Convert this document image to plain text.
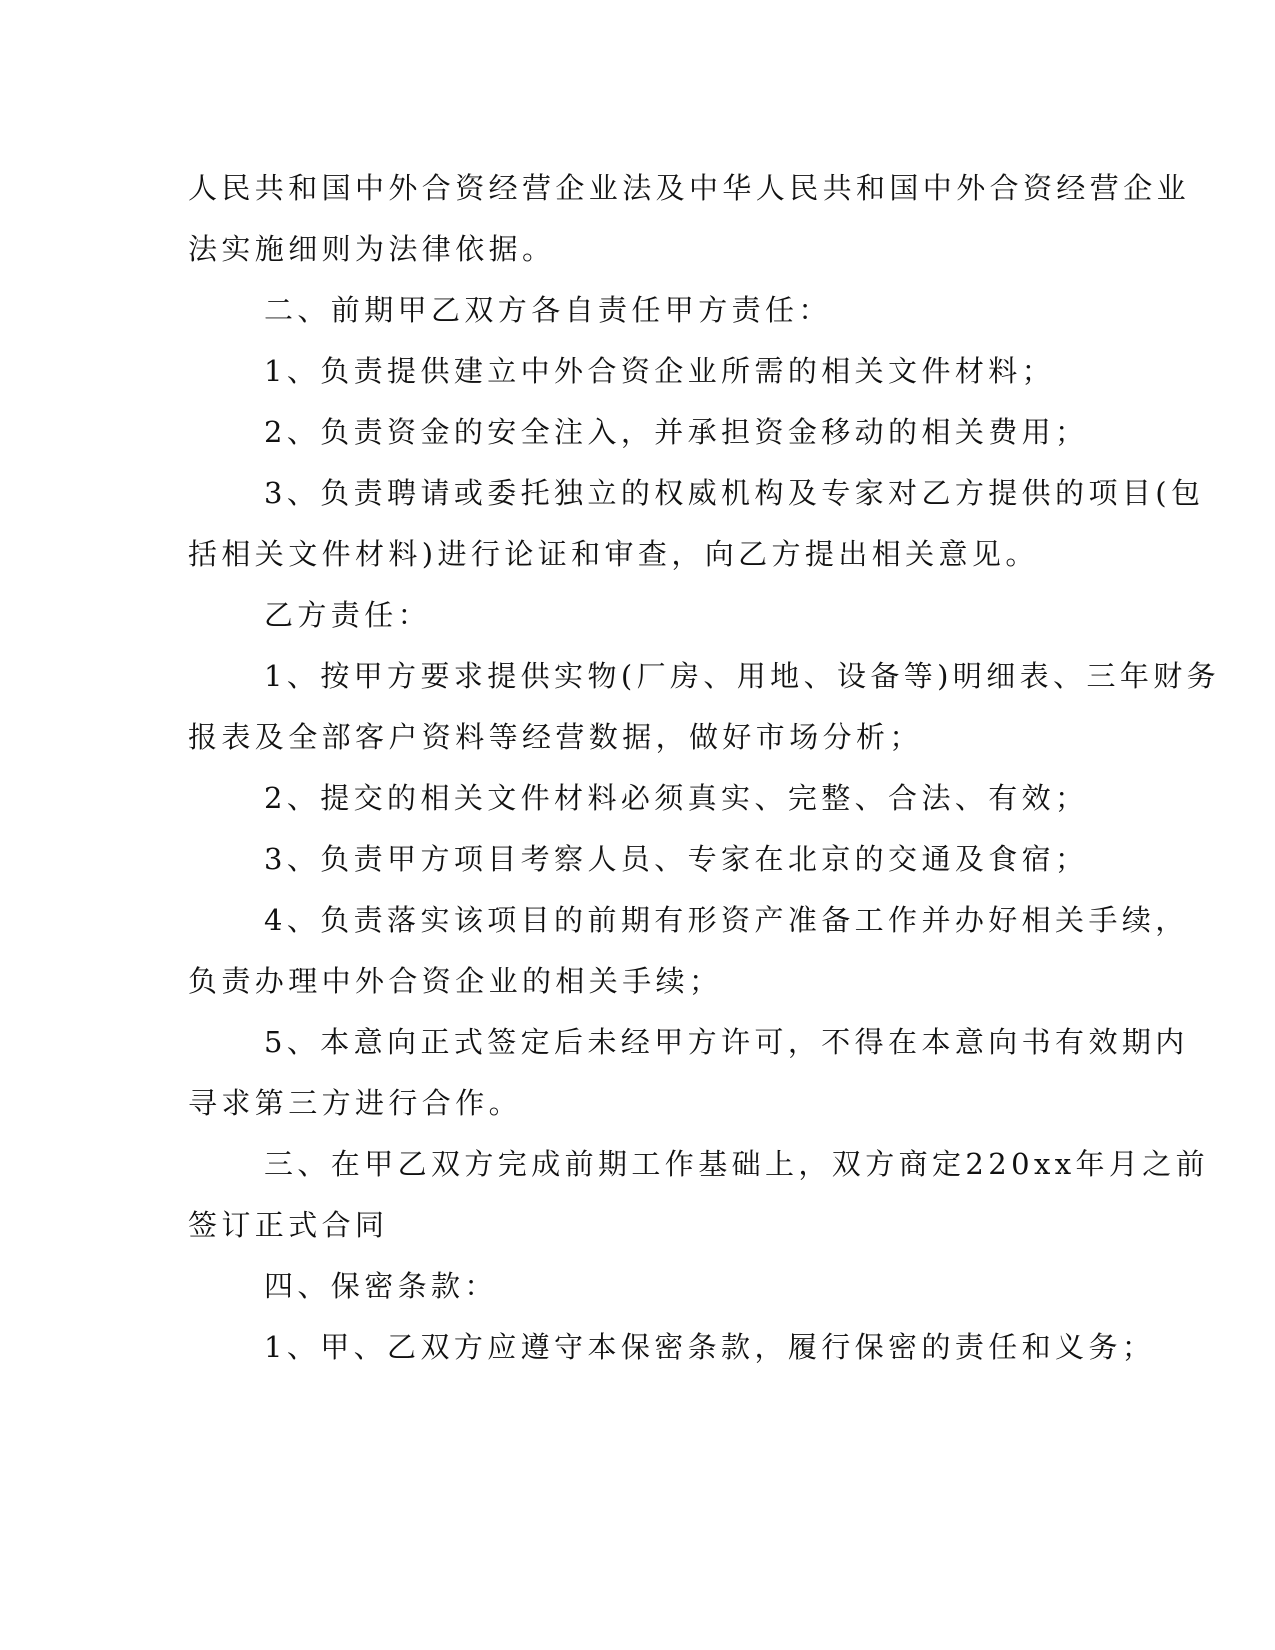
人民共和国中外合资经营企业法及中华人民共和国中外合资经营企业
法实施细则为法律依据。
二、前期甲乙双方各自责任甲方责任：
1、负责提供建立中外合资企业所需的相关文件材料；
2、负责资金的安全注入，并承担资金移动的相关费用；
3、负责聘请或委托独立的权威机构及专家对乙方提供的项目(包
括相关文件材料)进行论证和审查，向乙方提出相关意见。
乙方责任：
1、按甲方要求提供实物(厂房、用地、设备等)明细表、三年财务
报表及全部客户资料等经营数据，做好市场分析；
2、提交的相关文件材料必须真实、完整、合法、有效；
3、负责甲方项目考察人员、专家在北京的交通及食宿；
4、负责落实该项目的前期有形资产准备工作并办好相关手续，
负责办理中外合资企业的相关手续；
5、本意向正式签定后未经甲方许可，不得在本意向书有效期内
寻求第三方进行合作。
三、在甲乙双方完成前期工作基础上，双方商定220xx年月之前
签订正式合同
四、保密条款：
1、甲、乙双方应遵守本保密条款，履行保密的责任和义务；
